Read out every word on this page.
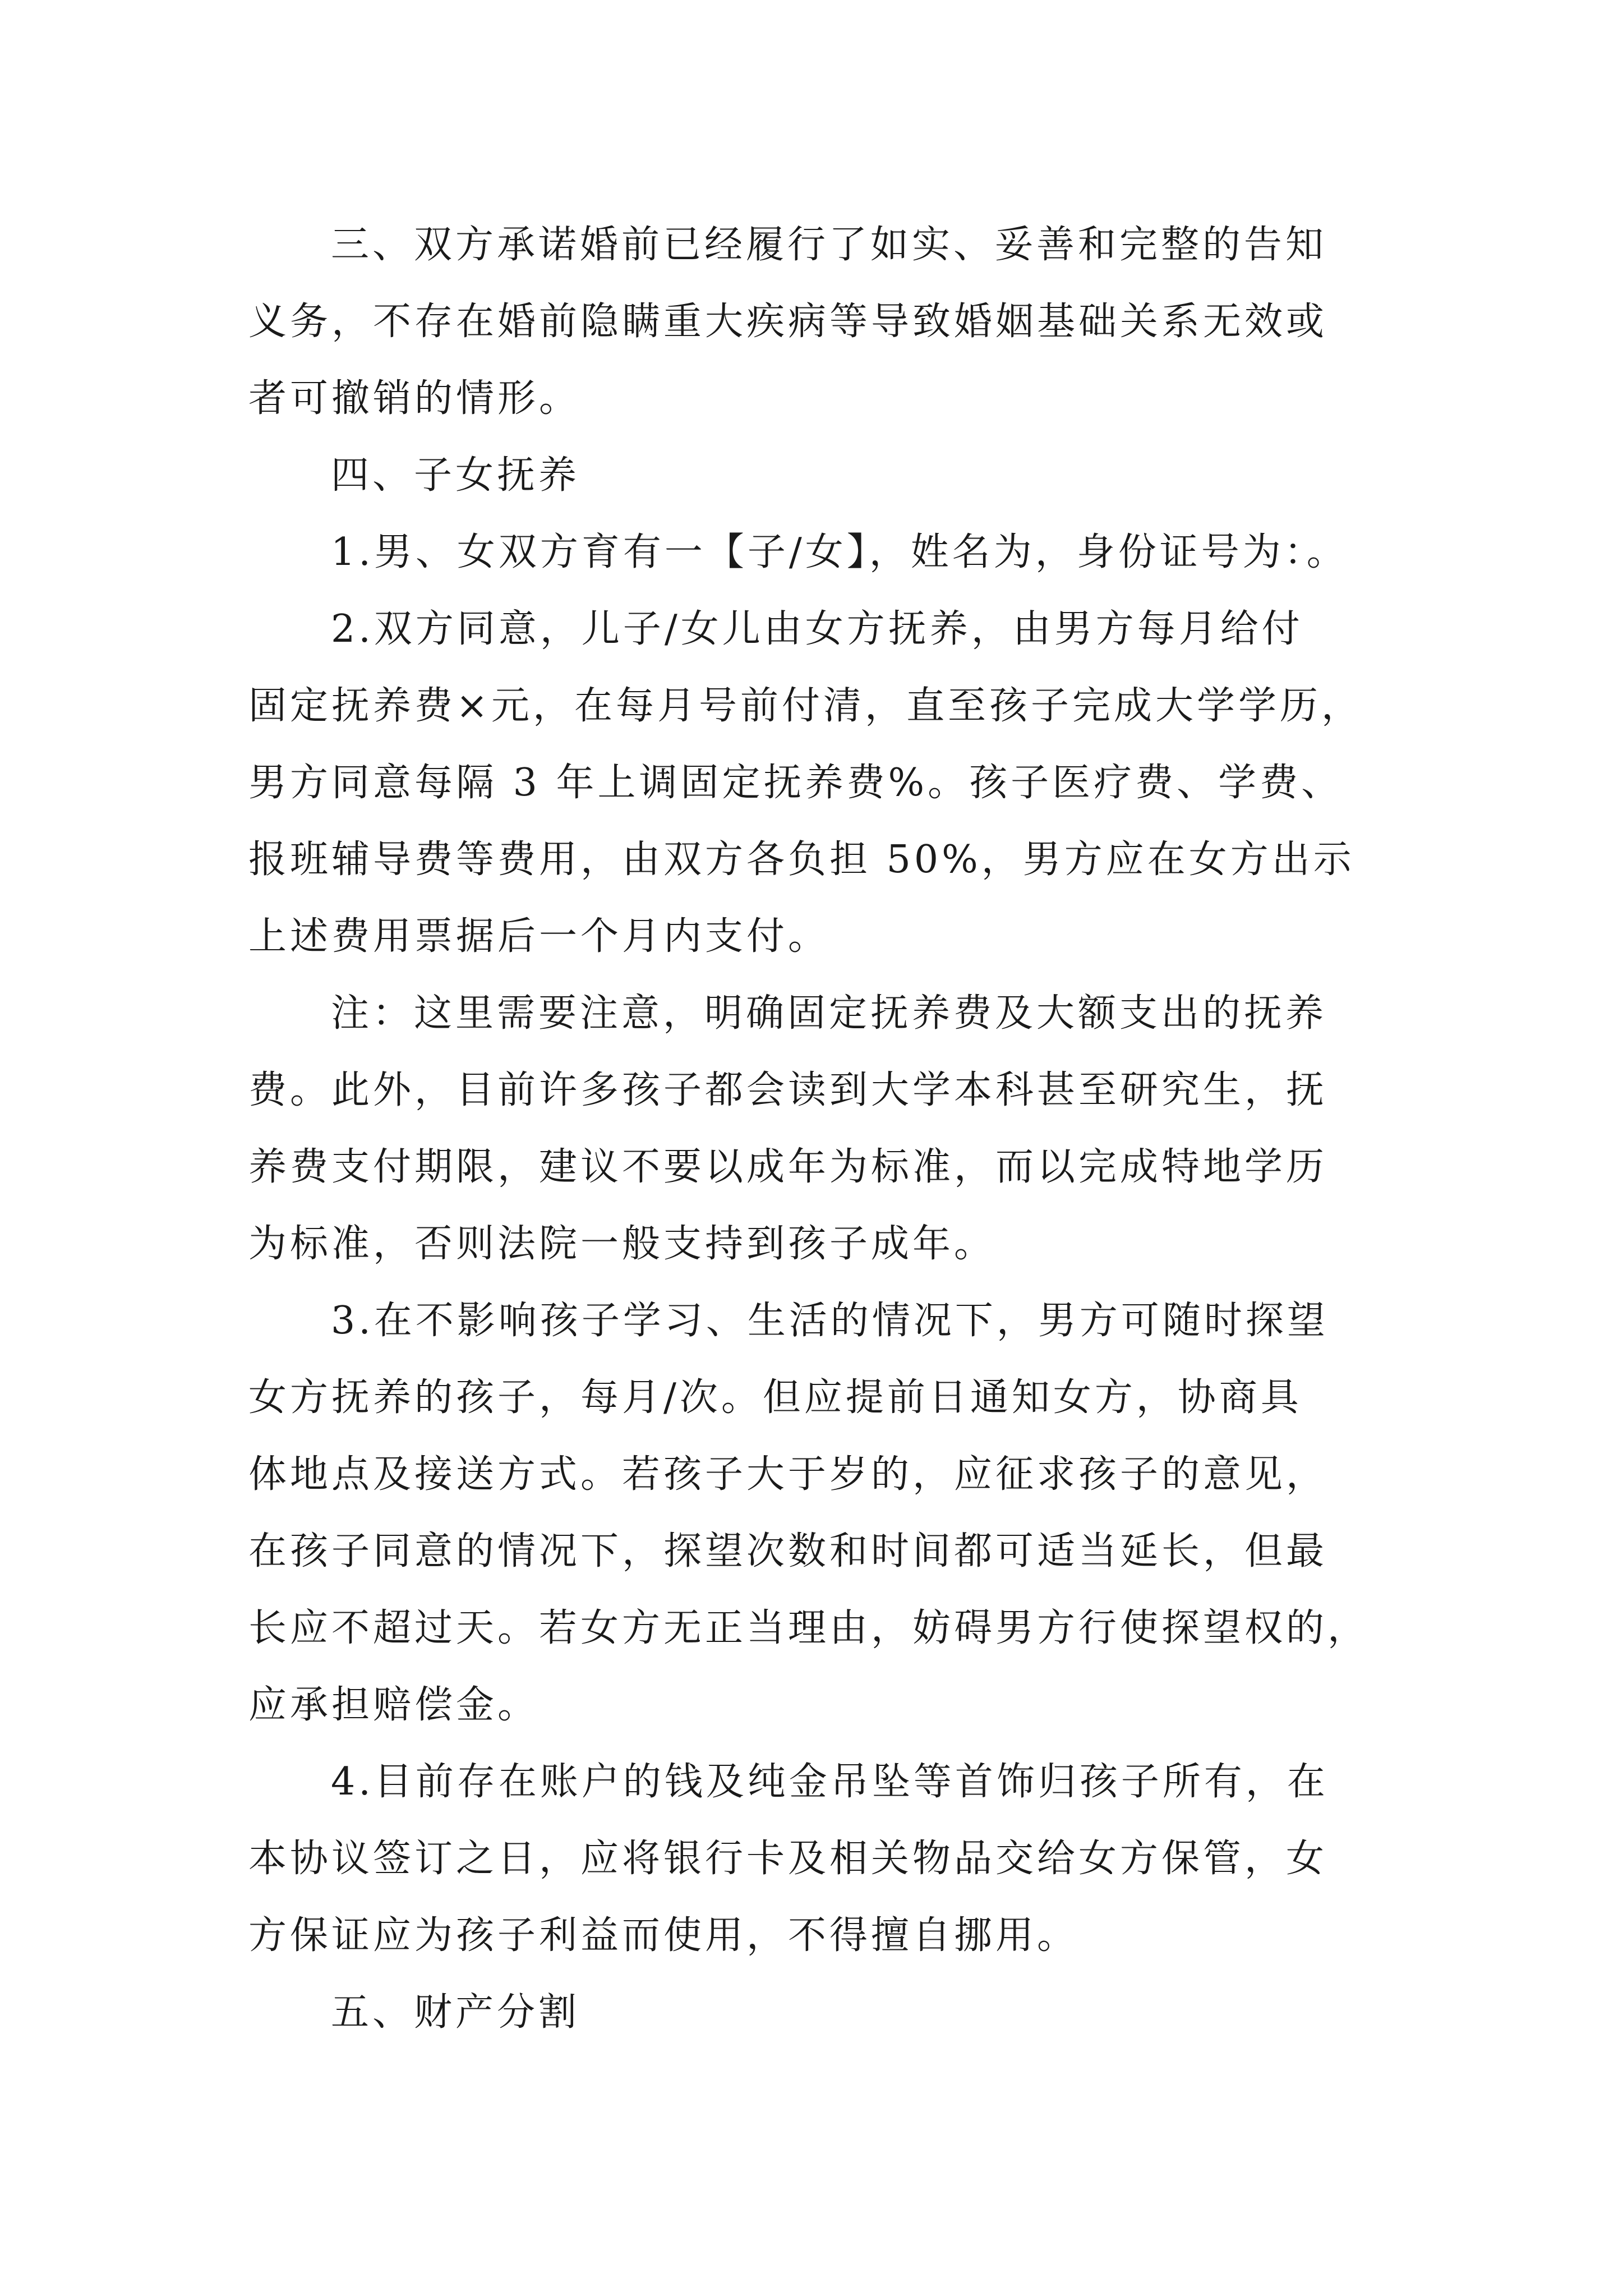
三、双方承诺婚前已经履行了如实、妥善和完整的告知
义务，不存在婚前隐瞒重大疾病等导致婚姻基础关系无效或
者可撤销的情形。

四、子女抚养

1.男、女双方育有一【子/女】，姓名为，身份证号为：。

2.双方同意，儿子/女儿由女方抚养，由男方每月给付
固定抚养费×元，在每月号前付清，直至孩子完成大学学历，
男方同意每隔 3 年上调固定抚养费%。孩子医疗费、学费、
报班辅导费等费用，由双方各负担 50%，男方应在女方出示
上述费用票据后一个月内支付。

注：这里需要注意，明确固定抚养费及大额支出的抚养
费。此外，目前许多孩子都会读到大学本科甚至研究生，抚
养费支付期限，建议不要以成年为标准，而以完成特地学历
为标准，否则法院一般支持到孩子成年。

3.在不影响孩子学习、生活的情况下，男方可随时探望
女方抚养的孩子，每月/次。但应提前日通知女方，协商具
体地点及接送方式。若孩子大于岁的，应征求孩子的意见，
在孩子同意的情况下，探望次数和时间都可适当延长，但最
长应不超过天。若女方无正当理由，妨碍男方行使探望权的，
应承担赔偿金。

4.目前存在账户的钱及纯金吊坠等首饰归孩子所有，在
本协议签订之日，应将银行卡及相关物品交给女方保管，女
方保证应为孩子利益而使用，不得擅自挪用。

五、财产分割
